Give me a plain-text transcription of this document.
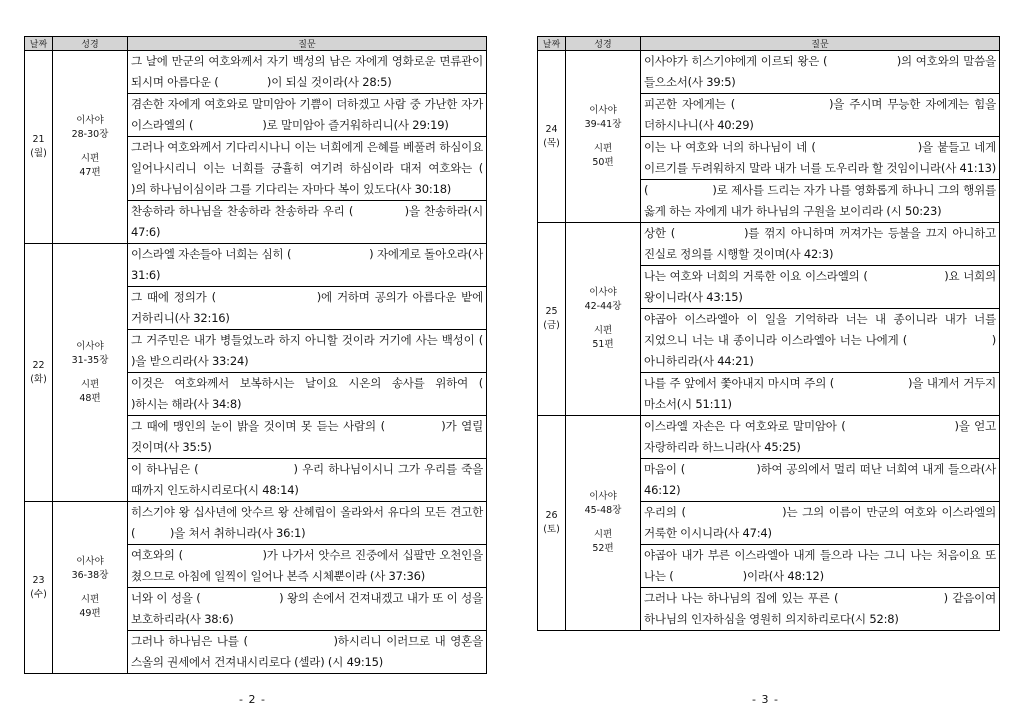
날짜	성경	질문

21
(월)	이사야
28-30장
시편
47편	그 날에 만군의 여호와께서 자기 백성의 남은 자에게 영화로운 면류관이 되시며 아름다운 (              )이 되실 것이라(사 28:5)
		겸손한 자에게 여호와로 말미암아 기쁨이 더하겠고 사람 중 가난한 자가 이스라엘의 (                    )로 말미암아 즐거워하리니(사 29:19)
		그러나 여호와께서 기다리시나니 이는 너희에게 은혜를 베풀려 하심이요 일어나시리니 이는 너희를 긍휼히 여기려 하심이라 대저 여호와는 (                  )의 하나님이심이라 그를 기다리는 자마다 복이 있도다(사 30:18)
		찬송하라 하나님을 찬송하라 찬송하라 우리 (            )을 찬송하라(시 47:6)

22
(화)	이사야
31-35장
시편
48편	이스라엘 자손들아 너희는 심히 (                      ) 자에게로 돌아오라(사 31:6)
		그 때에 정의가 (                    )에 거하며 공의가 아름다운 밭에 거하리니(사 32:16)
		그 거주민은 내가 병들었노라 하지 아니할 것이라 거기에 사는 백성이 (                    )을 받으리라(사 33:24)
		이것은 여호와께서 보복하시는 날이요 시온의 송사를 위하여 (              )하시는 해라(사 34:8)
		그 때에 맹인의 눈이 밝을 것이며 못 듣는 사람의 (            )가 열릴 것이며(사 35:5)
		이 하나님은 (                      ) 우리 하나님이시니 그가 우리를 죽을 때까지 인도하시리로다(시 48:14)

23
(수)	이사야
36-38장
시편
49편	히스기야 왕 십사년에 앗수르 왕 산헤립이 올라와서 유다의 모든 견고한 (          )을 쳐서 취하니라(사 36:1)
		여호와의 (                    )가 나가서 앗수르 진중에서 십팔만 오천인을 쳤으므로 아침에 일찍이 일어나 본즉 시체뿐이라 (사 37:36)
		너와 이 성을 (                      ) 왕의 손에서 건져내겠고 내가 또 이 성을 보호하리라(사 38:6)
		그러나 하나님은 나를 (                  )하시리니 이러므로 내 영혼을 스올의 권세에서 건져내시리로다 (셀라) (시 49:15)
- 2 -
날짜	성경	질문

24
(목)	이사야
39-41장
시편
50편	이사야가 히스기야에게 이르되 왕은 (                  )의 여호와의 말씀을 들으소서(사 39:5)
		피곤한 자에게는 (                  )을 주시며 무능한 자에게는 힘을 더하시나니(사 40:29)
		이는 나 여호와 너의 하나님이 네 (                        )을 붙들고 네게 이르기를 두려워하지 말라 내가 너를 도우리라 할 것임이니라(사 41:13)
		(                  )로 제사를 드리는 자가 나를 영화롭게 하나니 그의 행위를 옳게 하는 자에게 내가 하나님의 구원을 보이리라 (시 50:23)

25
(금)	이사야
42-44장
시편
51편	상한 (              )를 꺾지 아니하며 꺼져가는 등불을 끄지 아니하고 진실로 정의를 시행할 것이며(사 42:3)
		나는 여호와 너희의 거룩한 이요 이스라엘의 (                    )요 너희의 왕이니라(사 43:15)
		야곱아 이스라엘아 이 일을 기억하라 너는 내 종이니라 내가 너를 지었으니 너는 내 종이니라 이스라엘아 너는 나에게 (                    ) 아니하리라(사 44:21)
		나를 주 앞에서 쫓아내지 마시며 주의 (                    )을 내게서 거두지 마소서(시 51:11)

26
(토)	이사야
45-48장
시편
52편	이스라엘 자손은 다 여호와로 말미암아 (                        )을 얻고 자랑하리라 하느니라(사 45:25)
		마음이 (                  )하여 공의에서 멀리 떠난 너희여 내게 들으라(사 46:12)
		우리의 (                    )는 그의 이름이 만군의 여호와 이스라엘의 거룩한 이시니라(사 47:4)
		야곱아 내가 부른 이스라엘아 내게 들으라 나는 그니 나는 처음이요 또 나는 (                    )이라(사 48:12)
		그러나 나는 하나님의 집에 있는 푸른 (                        ) 같음이여 하나님의 인자하심을 영원히 의지하리로다(시 52:8)
- 3 -
